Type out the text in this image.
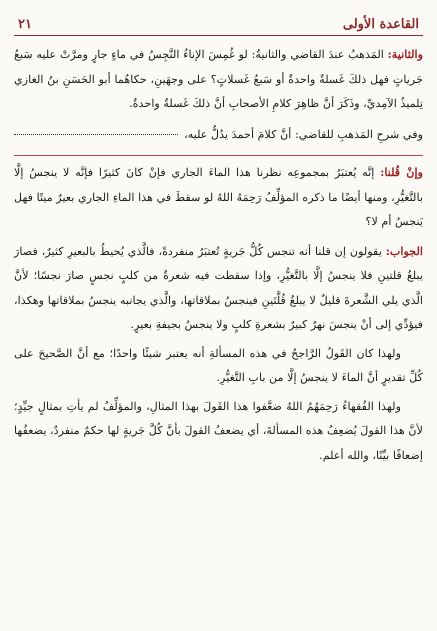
القاعدة الأولى
٢١

والثانية: المَذهبُ عندَ القاضي والثانيةُ: لو غُمِسَ الإناءُ النَّجِسُ في ماءٍ جارٍ ومرَّتْ عليه سَبعُ جَرياتٍ فهل ذلكَ غَسلةٌ واحدةٌ أو سَبعُ غَسلاتٍ؟ على وجهَينِ، حكاهُما أبو الحَسَنِ بنُ الغازي تِلميذُ الآمِديِّ، وذَكَرَ أنَّ ظاهِرَ كلامِ الأصحابِ أنَّ ذلكَ غَسلةٌ واحدةٌ.

وفي شرحِ المَذهبِ للقاضي: أنَّ كلامَ أحمدَ يدُلُّ عليه،

وإنْ قُلنا: إنَّه يُعتبَرُ بمجموعِه نظرنا هذا الماءَ الجاري فإنْ كانَ كثيرًا فإنَّه لا ينجسُ إلَّا بالتَّغيُّرِ، ومنها أيضًا ما ذكره المؤلِّفُ رَحِمَهُ اللهُ لو سقطَ في هذا الماءِ الجاري بعيرٌ ميتًا فهل يَنجسُ أم لا؟

الجواب: يقولون إن قلنا أنه تنجس كُلُّ جَريةٍ تُعتبَرُ منفردةً، فالَّذي يُحيطُ بالبعيرِ كثيرٌ، فصارَ يبلغُ قلتينِ فلا ينجسُ إلَّا بالتَّغيُّرِ، وإذا سقطت فيه شعرةٌ من كلبٍ نجسٍ صارَ نجسًا؛ لأنَّ الَّذي يلي الشَّعرةَ قليلٌ لا يبلغُ قُلَّتَينِ فينجسُ بملاقاتها، والَّذي يجانبه ينجسُ بملاقاتها وهكذا، فيؤدِّي إلى أنْ ينجسَ نهرٌ كبيرٌ بشعرةِ كلبٍ ولا ينجسُ بجيفةِ بعيرٍ.

ولهذا كان القَولُ الرَّاجحُ في هذه المسألةِ أنه يعتبر شيئًا واحدًا؛ مع أنَّ الصَّحيحَ على كُلِّ تقديرٍ أنَّ الماءَ لا ينجسُ إلَّا من بابِ التَّغيُّرِ.

ولهذا الفُقهاءُ رَحِمَهُمُ اللهُ ضعَّفوا هذا القَولَ بهذا المثالِ، والمؤلِّفُ لم يأتِ بمثالٍ جيِّدٍ؛ لأنَّ هذا القولَ يُضعِفُ هذه المسألةَ، أي يضعفُ القولَ بأنَّ كُلَّ جَريةٍ لها حكمٌ منفردٌ، يضعفُها إضعافًا بيِّنًا، والله أعلم.
